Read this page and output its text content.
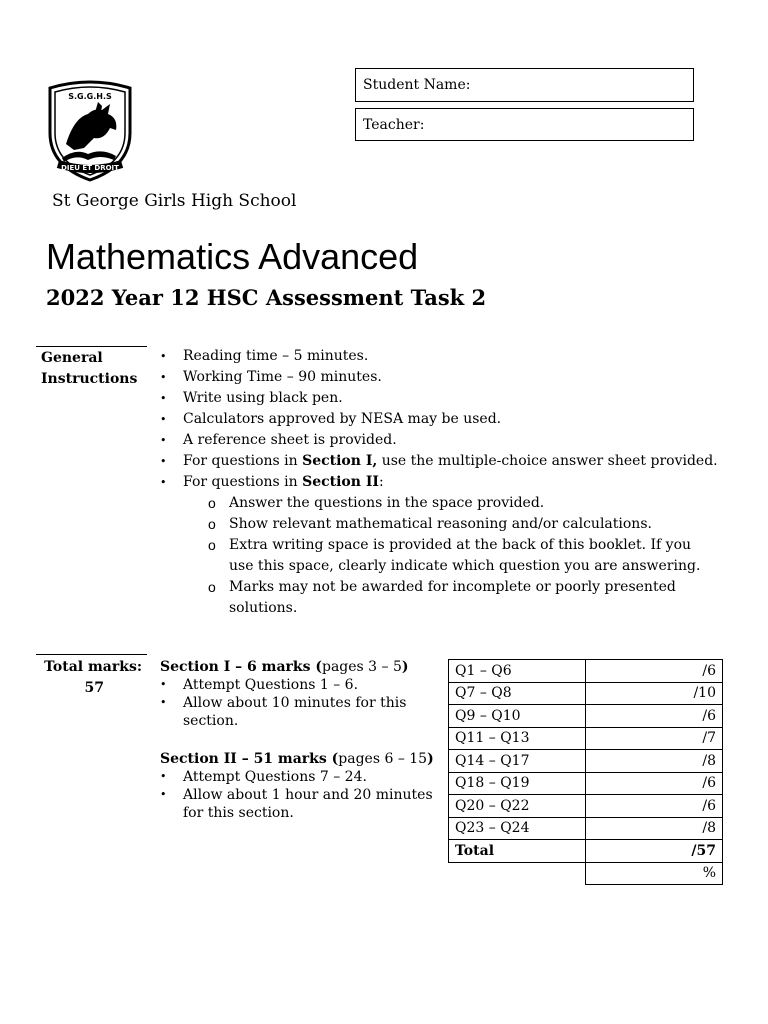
S.G.G.H.S
DIEU ET DROIT
Student Name:
Teacher:
St George Girls High School
Mathematics Advanced
2022 Year 12 HSC Assessment Task 2
General
Instructions
• Reading time – 5 minutes.
• Working Time – 90 minutes.
• Write using black pen.
• Calculators approved by NESA may be used.
• A reference sheet is provided.
• For questions in Section I, use the multiple-choice answer sheet provided.
• For questions in Section II:
o Answer the questions in the space provided.
o Show relevant mathematical reasoning and/or calculations.
o Extra writing space is provided at the back of this booklet. If you use this space, clearly indicate which question you are answering.
o Marks may not be awarded for incomplete or poorly presented solutions.
Total marks:
57
Section I – 6 marks (pages 3 – 5)
• Attempt Questions 1 – 6.
• Allow about 10 minutes for this section.
Section II – 51 marks (pages 6 – 15)
• Attempt Questions 7 – 24.
• Allow about 1 hour and 20 minutes for this section.
Q1 – Q6	/6
Q7 – Q8	/10
Q9 – Q10	/6
Q11 – Q13	/7
Q14 – Q17	/8
Q18 – Q19	/6
Q20 – Q22	/6
Q23 – Q24	/8
Total	/57
	%
